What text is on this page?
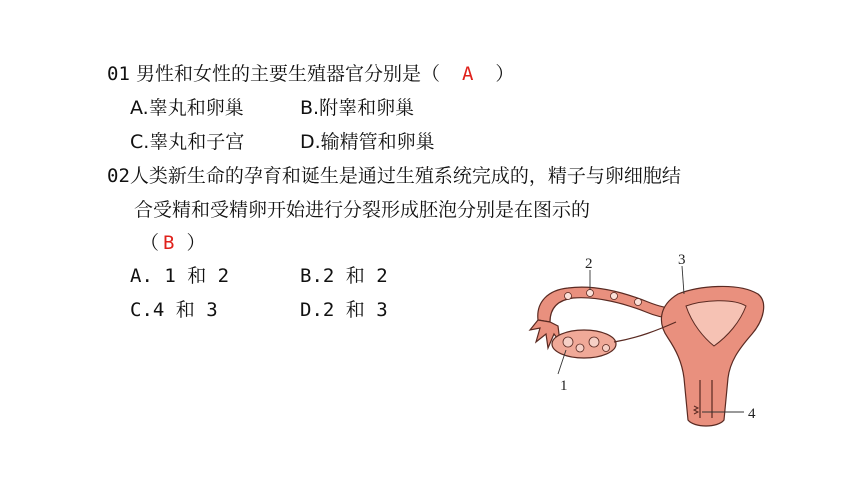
01 男性和女性的主要生殖器官分别是（ A ）
A.睾丸和卵巢	B.附睾和卵巢
C.睾丸和子宫	D.输精管和卵巢
02人类新生命的孕育和诞生是通过生殖系统完成的，精子与卵细胞结
合受精和受精卵开始进行分裂形成胚泡分别是在图示的
（ B ）
A. 1 和 2	B.2 和 2
C.4 和 3	D.2 和 3
1
2	3
4
